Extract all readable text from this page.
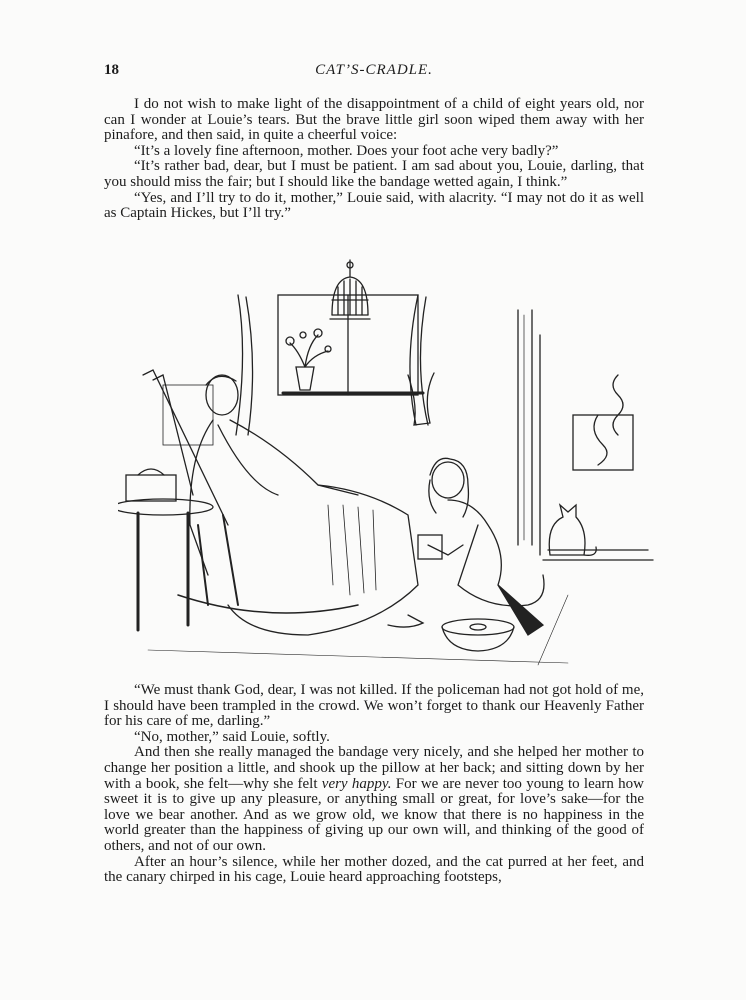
18	CAT’S-CRADLE.

I do not wish to make light of the disappointment of a child of eight years old, nor can I wonder at Louie’s tears. But the brave little girl soon wiped them away with her pinafore, and then said, in quite a cheerful voice:

“It’s a lovely fine afternoon, mother. Does your foot ache very badly?”

“It’s rather bad, dear, but I must be patient. I am sad about you, Louie, darling, that you should miss the fair; but I should like the bandage wetted again, I think.”

“Yes, and I’ll try to do it, mother,” Louie said, with alacrity. “I may not do it as well as Captain Hickes, but I’ll try.”

“We must thank God, dear, I was not killed. If the policeman had not got hold of me, I should have been trampled in the crowd. We won’t forget to thank our Heavenly Father for his care of me, darling.”

“No, mother,” said Louie, softly.

And then she really managed the bandage very nicely, and she helped her mother to change her position a little, and shook up the pillow at her back; and sitting down by her with a book, she felt—why she felt very happy. For we are never too young to learn how sweet it is to give up any pleasure, or anything small or great, for love’s sake—for the love we bear another. And as we grow old, we know that there is no happiness in the world greater than the happiness of giving up our own will, and thinking of the good of others, and not of our own.

After an hour’s silence, while her mother dozed, and the cat purred at her feet, and the canary chirped in his cage, Louie heard approaching footsteps,
